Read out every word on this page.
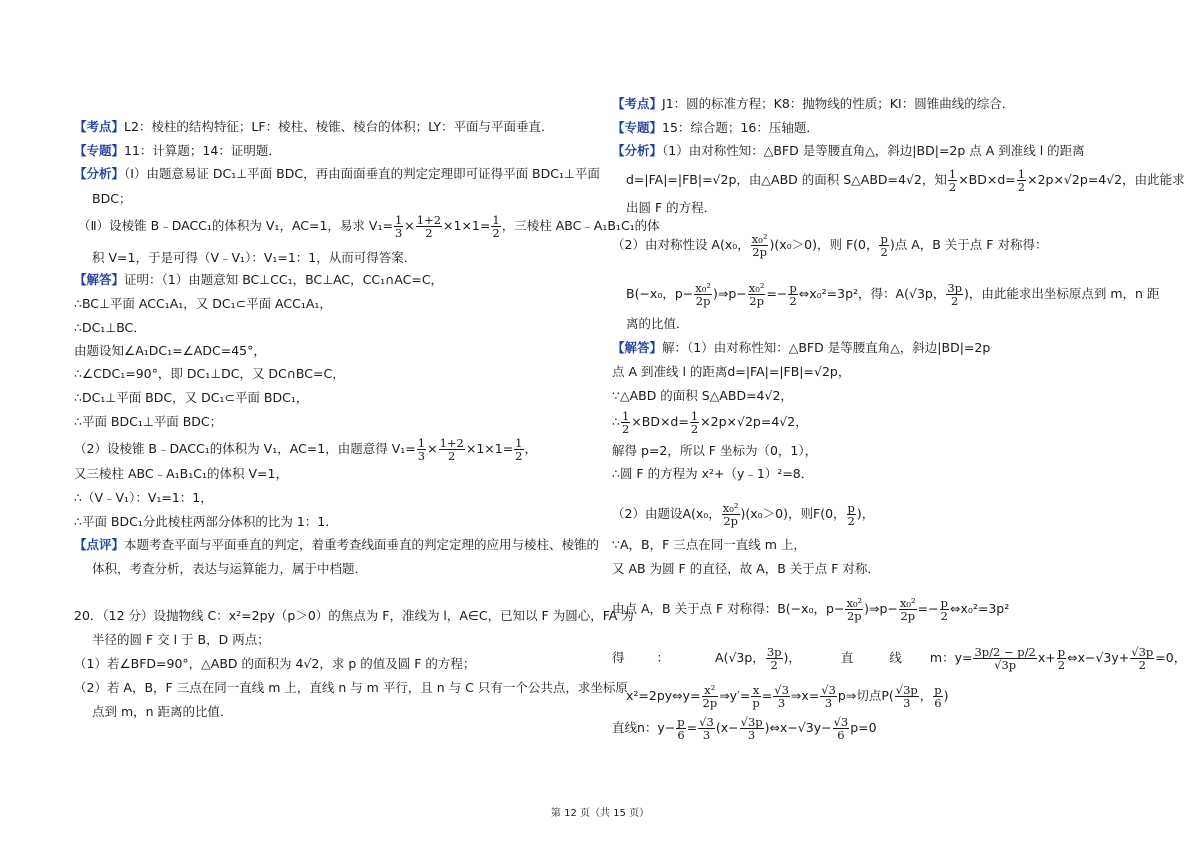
【考点】L2：棱柱的结构特征；LF：棱柱、棱锥、棱台的体积；LY：平面与平面垂直．
【专题】11：计算题；14：证明题．
【分析】（Ⅰ）由题意易证 DC₁⊥平面 BDC，再由面面垂直的判定定理即可证得平面 BDC₁⊥平面
BDC；
（Ⅱ）设棱锥 B﹣DACC₁的体积为 V₁，AC=1，易求 $V_1= \frac{1}{3} \times \frac{1+2}{2} \times 1\times 1= \frac{1}{2}$ ，三棱柱 ABC﹣A₁B₁C₁的体
积 V=1，于是可得（V﹣V₁）：V₁=1：1，从而可得答案．
【解答】证明：（1）由题意知 BC⊥CC₁，BC⊥AC，CC₁∩AC=C，
∴BC⊥平面 ACC₁A₁，又 DC₁⊂平面 ACC₁A₁，
∴DC₁⊥BC．
由题设知∠A₁DC₁=∠ADC=45°，
∴∠CDC₁=90°，即 DC₁⊥DC，又 DC∩BC=C，
∴DC₁⊥平面 BDC，又 DC₁⊂平面 BDC₁，
∴平面 BDC₁⊥平面 BDC；
（2）设棱锥 B﹣DACC₁的体积为 V₁，AC=1，由题意得 $V_1= \frac{1}{3} \times \frac{1+2}{2} \times 1\times 1= \frac{1}{2}$ ，
又三棱柱 ABC﹣A₁B₁C₁的体积 V=1，
∴（V﹣V₁）：V₁=1：1，
∴平面 BDC₁分此棱柱两部分体积的比为 1：1．
【点评】本题考查平面与平面垂直的判定，着重考查线面垂直的判定定理的应用与棱柱、棱锥的
体积，考查分析，表达与运算能力，属于中档题．
20．（12 分）设抛物线 C：x²=2py（p＞0）的焦点为 F，准线为 l，A∈C，已知以 F 为圆心，FA 为
半径的圆 F 交 l 于 B，D 两点；
（1）若∠BFD=90°，△ABD 的面积为 4√2，求 p 的值及圆 F 的方程；
（2）若 A，B，F 三点在同一直线 m 上，直线 n 与 m 平行，且 n 与 C 只有一个公共点，求坐标原
点到 m，n 距离的比值．
【考点】J1：圆的标准方程；K8：抛物线的性质；KI：圆锥曲线的综合．
【专题】15：综合题；16：压轴题．
【分析】（1）由对称性知：△BFD 是等腰直角△，斜边|BD|=2p 点 A 到准线 l 的距离
d=|FA|=|FB|=√2p，由△ABD 的面积 S△ABD=4√2，知 $\frac{1}{2} \times BD\times d= \frac{1}{2} \times 2p\times√2p=4√2$，由此能求
出圆 F 的方程．
（2）由对称性设 A(x₀， $\frac{\text{x₀²}}{2p} )(x_0>0)$，则 F(0， $\frac{p}{2}$ )点 A，B 关于点 F 对称得：
B(−x₀，$p- \frac{\text{x₀²}}{2p}$ )⇒p− $\frac{\text{x₀²}}{2p} =- \frac{p}{2}$ ⇔x₀²=3p²，得：A(√3p， $\frac{3p}{2}$ )，由此能求出坐标原点到 m，n 距
离的比值．
【解答】解：（1）由对称性知：△BFD 是等腰直角△，斜边|BD|=2p
点 A 到准线 l 的距离d=|FA|=|FB|=√2p，
∵△ABD 的面积 S△ABD=4√2，
∴ $\frac{1}{2} \times BD\times d= \frac{1}{2} \times 2p\times√2p=4√2$，
解得 p=2，所以 F 坐标为（0，1），
∴圆 F 的方程为 x²+（y﹣1）²=8．
（2）由题设A(x₀， $\frac{\text{x₀²}}{2p} )(x_0>0)$，则F(0， $\frac{p}{2}$ )，
∵A，B，F 三点在同一直线 m 上，
又 AB 为圆 F 的直径，故 A，B 关于点 F 对称．
由点 A，B 关于点 F 对称得：B(−x₀，$p- \frac{\text{x₀²}}{2p}$ )⇒p− $\frac{\text{x₀²}}{2p} =- \frac{p}{2}$ ⇔x₀²=3p²
得	：	A(√3p， $\frac{3p}{2}$ )，	直	线 m：$y= \frac{3p/2 - p/2}{√3p} x+ \frac{p}{2}$ ⇔x−√3y+ $\frac{√3p}{2} =0$，
x²=2py⇔y= $\frac{\text{x²}}{2p}$ ⇒y′= $\frac{x}{p} = \frac{√3}{3}$ ⇒x= $\frac{√3}{3}$ p⇒切点$P( \frac{√3p}{3}$ ， $\frac{p}{6}$ )
直线n：$y- \frac{p}{6} = \frac{√3}{3} (x- \frac{√3p}{3}$ )⇔x−√3y− $\frac{√3}{6} p=0$
第 12 页（共 15 页）
